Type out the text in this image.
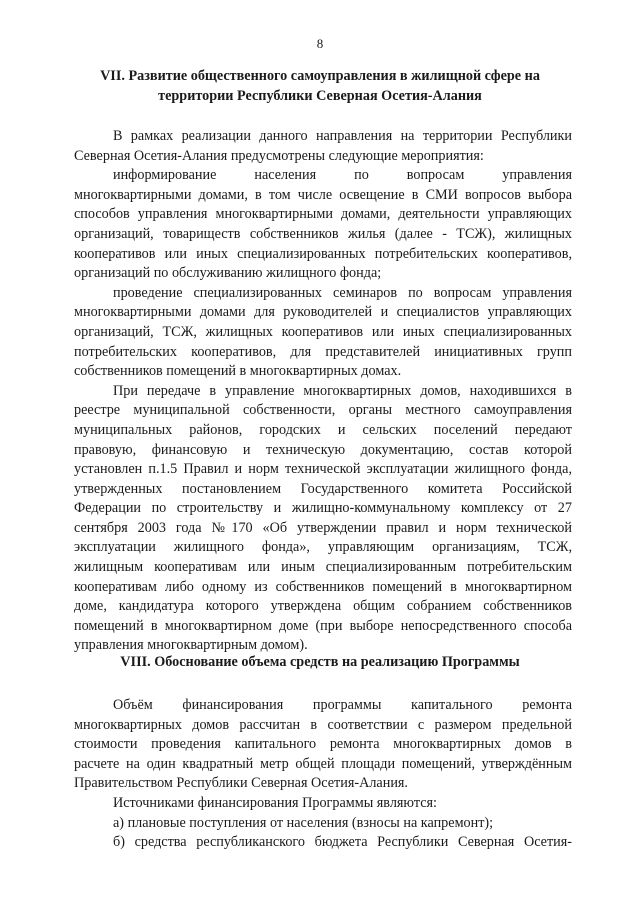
8
VII. Развитие общественного самоуправления в жилищной сфере на
территории Республики Северная Осетия-Алания
В рамках реализации данного направления на территории Республики
Северная Осетия-Алания предусмотрены следующие мероприятия:
информирование населения по вопросам управления
многоквартирными домами, в том числе освещение в СМИ вопросов выбора
способов управления многоквартирными домами, деятельности управляющих
организаций, товариществ собственников жилья (далее - ТСЖ), жилищных
кооперативов или иных специализированных потребительских кооперативов,
организаций по обслуживанию жилищного фонда;
проведение специализированных семинаров по вопросам управления
многоквартирными домами для руководителей и специалистов управляющих
организаций, ТСЖ, жилищных кооперативов или иных специализированных
потребительских кооперативов, для представителей инициативных групп
собственников помещений в многоквартирных домах.
При передаче в управление многоквартирных домов, находившихся в
реестре муниципальной собственности, органы местного самоуправления
муниципальных районов, городских и сельских поселений передают
правовую, финансовую и техническую документацию, состав которой
установлен п.1.5 Правил и норм технической эксплуатации жилищного фонда,
утвержденных постановлением Государственного комитета Российской
Федерации по строительству и жилищно-коммунальному комплексу от 27
сентября 2003 года №170 «Об утверждении правил и норм технической
эксплуатации жилищного фонда», управляющим организациям, ТСЖ,
жилищным кооперативам или иным специализированным потребительским
кооперативам либо одному из собственников помещений в многоквартирном
доме, кандидатура которого утверждена общим собранием собственников
помещений в многоквартирном доме (при выборе непосредственного способа
управления многоквартирным домом).
VIII. Обоснование объема средств на реализацию Программы
Объём финансирования программы капитального ремонта
многоквартирных домов рассчитан в соответствии с размером предельной
стоимости проведения капитального ремонта многоквартирных домов в
расчете на один квадратный метр общей площади помещений, утверждённым
Правительством Республики Северная Осетия-Алания.
Источниками финансирования Программы являются:
а) плановые поступления от населения (взносы на капремонт);
б) средства республиканского бюджета Республики Северная Осетия-
